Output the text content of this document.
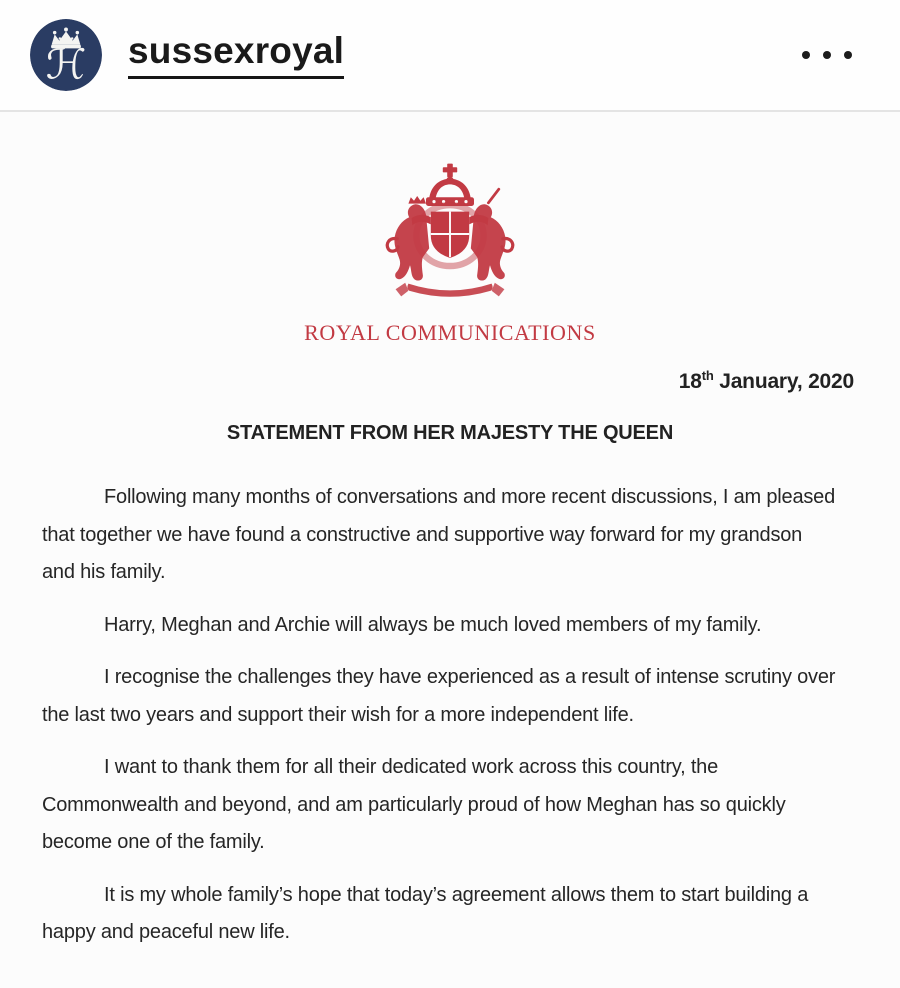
ℋ sussexroyal
ROYAL COMMUNICATIONS
18th January, 2020
STATEMENT FROM HER MAJESTY THE QUEEN

Following many months of conversations and more recent discussions, I am pleased
that together we have found a constructive and supportive way forward for my grandson
and his family.

Harry, Meghan and Archie will always be much loved members of my family.

I recognise the challenges they have experienced as a result of intense scrutiny over
the last two years and support their wish for a more independent life.

I want to thank them for all their dedicated work across this country, the
Commonwealth and beyond, and am particularly proud of how Meghan has so quickly
become one of the family.

It is my whole family’s hope that today’s agreement allows them to start building a
happy and peaceful new life.
